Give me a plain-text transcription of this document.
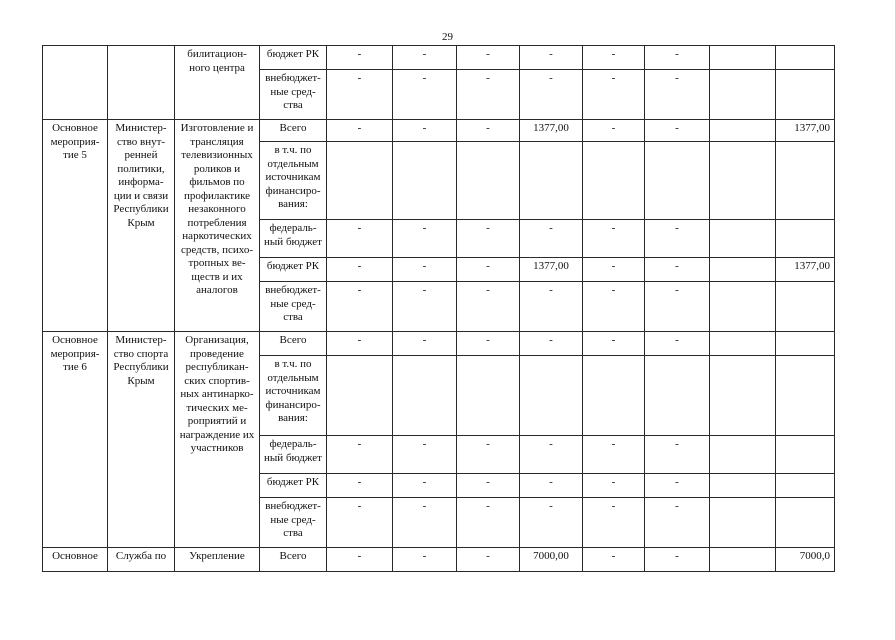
29
		билитацион-ного центра	бюджет РК	-	-	-	-	-	-		
			внебюджет-ные сред-ства	-	-	-	-	-	-		
Основное мероприя-тие 5	Министер-ство внут-ренней политики, информа-ции и связи Республики Крым	Изготовление и трансляция телевизионных роликов и фильмов по профилактике незаконного потребления наркотических средств, психо-тропных ве-ществ и их аналогов	Всего	-	-	-	1377,00	-	-		1377,00
			в т.ч. по отдельным источникам финансиро-вания:								
			федераль-ный бюджет	-	-	-	-	-	-		
			бюджет РК	-	-	-	1377,00	-	-		1377,00
			внебюджет-ные сред-ства	-	-	-	-	-	-		
Основное мероприя-тие 6	Министер-ство спорта Республики Крым	Организация, проведение республикан-ских спортив-ных антинарко-тических ме-роприятий и награждение их участников	Всего	-	-	-	-	-	-		
			в т.ч. по отдельным источникам финансиро-вания:								
			федераль-ный бюджет	-	-	-	-	-	-		
			бюджет РК	-	-	-	-	-	-		
			внебюджет-ные сред-ства	-	-	-	-	-	-		
Основное	Служба по	Укрепление	Всего	-	-	-	7000,00	-	-		7000,0
